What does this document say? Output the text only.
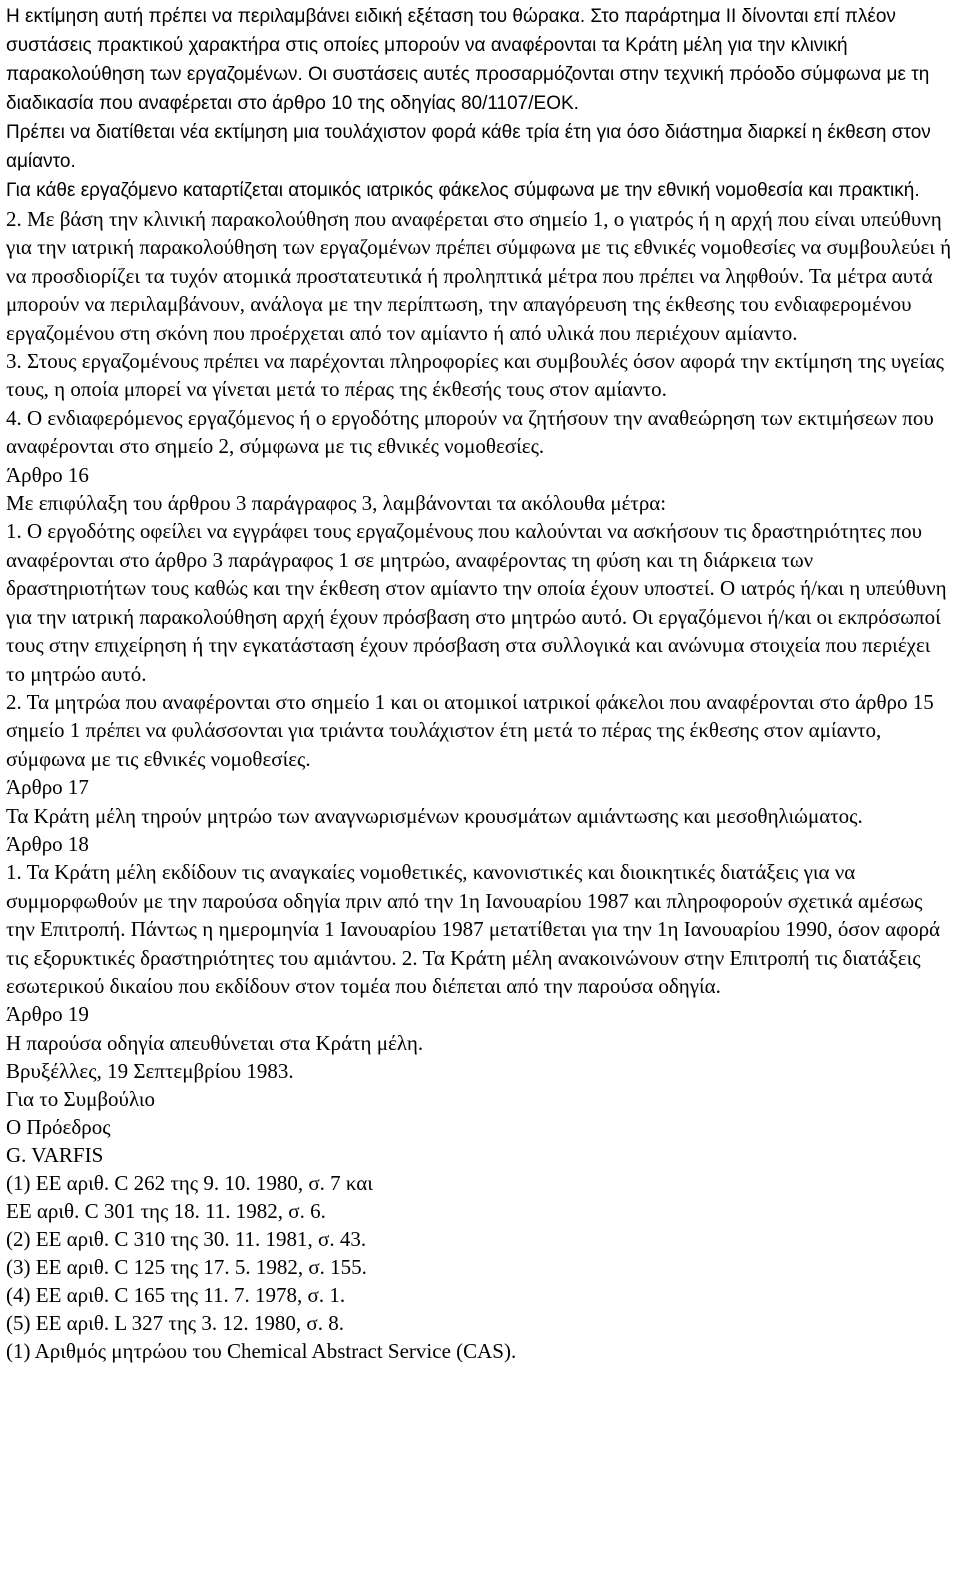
Η εκτίμηση αυτή πρέπει να περιλαμβάνει ειδική εξέταση του θώρακα. Στο παράρτημα ΙΙ δίνονται επί πλέον συστάσεις πρακτικού χαρακτήρα στις οποίες μπορούν να αναφέρονται τα Κράτη μέλη για την κλινική παρακολούθηση των εργαζομένων. Οι συστάσεις αυτές προσαρμόζονται στην τεχνική πρόοδο σύμφωνα με τη διαδικασία που αναφέρεται στο άρθρο 10 της οδηγίας 80/1107/ΕΟΚ.
Πρέπει να διατίθεται νέα εκτίμηση μια τουλάχιστον φορά κάθε τρία έτη για όσο διάστημα διαρκεί η έκθεση στον αμίαντο.
Για κάθε εργαζόμενο καταρτίζεται ατομικός ιατρικός φάκελος σύμφωνα με την εθνική νομοθεσία και πρακτική.
2. Με βάση την κλινική παρακολούθηση που αναφέρεται στο σημείο 1, ο γιατρός ή η αρχή που είναι υπεύθυνη για την ιατρική παρακολούθηση των εργαζομένων πρέπει σύμφωνα με τις εθνικές νομοθεσίες να συμβουλεύει ή να προσδιορίζει τα τυχόν ατομικά προστατευτικά ή προληπτικά μέτρα που πρέπει να ληφθούν. Τα μέτρα αυτά μπορούν να περιλαμβάνουν, ανάλογα με την περίπτωση, την απαγόρευση της έκθεσης του ενδιαφερομένου εργαζομένου στη σκόνη που προέρχεται από τον αμίαντο ή από υλικά που περιέχουν αμίαντο.
3. Στους εργαζομένους πρέπει να παρέχονται πληροφορίες και συμβουλές όσον αφορά την εκτίμηση της υγείας τους, η οποία μπορεί να γίνεται μετά το πέρας της έκθεσής τους στον αμίαντο.
4. Ο ενδιαφερόμενος εργαζόμενος ή ο εργοδότης μπορούν να ζητήσουν την αναθεώρηση των εκτιμήσεων που αναφέρονται στο σημείο 2, σύμφωνα με τις εθνικές νομοθεσίες.
Άρθρο 16
Με επιφύλαξη του άρθρου 3 παράγραφος 3, λαμβάνονται τα ακόλουθα μέτρα:
1. Ο εργοδότης οφείλει να εγγράφει τους εργαζομένους που καλούνται να ασκήσουν τις δραστηριότητες που αναφέρονται στο άρθρο 3 παράγραφος 1 σε μητρώο, αναφέροντας τη φύση και τη διάρκεια των δραστηριοτήτων τους καθώς και την έκθεση στον αμίαντο την οποία έχουν υποστεί. Ο ιατρός ή/και η υπεύθυνη για την ιατρική παρακολούθηση αρχή έχουν πρόσβαση στο μητρώο αυτό. Οι εργαζόμενοι ή/και οι εκπρόσωποί τους στην επιχείρηση ή την εγκατάσταση έχουν πρόσβαση στα συλλογικά και ανώνυμα στοιχεία που περιέχει το μητρώο αυτό.
2. Τα μητρώα που αναφέρονται στο σημείο 1 και οι ατομικοί ιατρικοί φάκελοι που αναφέρονται στο άρθρο 15 σημείο 1 πρέπει να φυλάσσονται για τριάντα τουλάχιστον έτη μετά το πέρας της έκθεσης στον αμίαντο, σύμφωνα με τις εθνικές νομοθεσίες.
Άρθρο 17
Τα Κράτη μέλη τηρούν μητρώο των αναγνωρισμένων κρουσμάτων αμιάντωσης και μεσοθηλιώματος.
Άρθρο 18
1. Τα Κράτη μέλη εκδίδουν τις αναγκαίες νομοθετικές, κανονιστικές και διοικητικές διατάξεις για να συμμορφωθούν με την παρούσα οδηγία πριν από την 1η Ιανουαρίου 1987 και πληροφορούν σχετικά αμέσως την Επιτροπή. Πάντως η ημερομηνία 1 Ιανουαρίου 1987 μετατίθεται για την 1η Ιανουαρίου 1990, όσον αφορά τις εξορυκτικές δραστηριότητες του αμιάντου. 2. Τα Κράτη μέλη ανακοινώνουν στην Επιτροπή τις διατάξεις εσωτερικού δικαίου που εκδίδουν στον τομέα που διέπεται από την παρούσα οδηγία.
Άρθρο 19
Η παρούσα οδηγία απευθύνεται στα Κράτη μέλη.
Βρυξέλλες, 19 Σεπτεμβρίου 1983.
Για το Συμβούλιο
Ο Πρόεδρος
G. VARFIS
(1) ΕΕ αριθ. C 262 της 9. 10. 1980, σ. 7 και
ΕΕ αριθ. C 301 της 18. 11. 1982, σ. 6.
(2) ΕΕ αριθ. C 310 της 30. 11. 1981, σ. 43.
(3) ΕΕ αριθ. C 125 της 17. 5. 1982, σ. 155.
(4) ΕΕ αριθ. C 165 της 11. 7. 1978, σ. 1.
(5) ΕΕ αριθ. L 327 της 3. 12. 1980, σ. 8.
(1) Αριθμός μητρώου του Chemical Abstract Service (CAS).
